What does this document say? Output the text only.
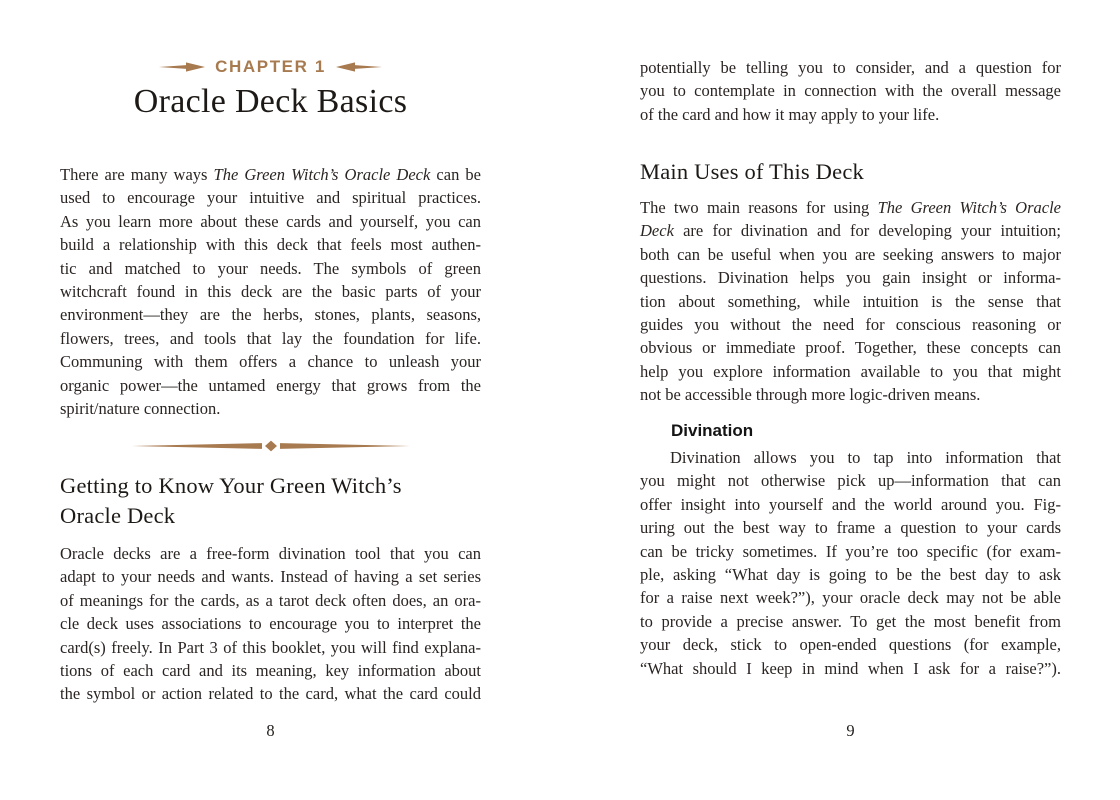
CHAPTER 1
Oracle Deck Basics
There are many ways The Green Witch’s Oracle Deck can be
used to encourage your intuitive and spiritual practices.
As you learn more about these cards and yourself, you can
build a relationship with this deck that feels most authen-
tic and matched to your needs. The symbols of green
witchcraft found in this deck are the basic parts of your
environment—they are the herbs, stones, plants, seasons,
flowers, trees, and tools that lay the foundation for life.
Communing with them offers a chance to unleash your
organic power—the untamed energy that grows from the
spirit/nature connection.
Getting to Know Your Green Witch’s
Oracle Deck
Oracle decks are a free-form divination tool that you can
adapt to your needs and wants. Instead of having a set series
of meanings for the cards, as a tarot deck often does, an ora-
cle deck uses associations to encourage you to interpret the
card(s) freely. In Part 3 of this booklet, you will find explana-
tions of each card and its meaning, key information about
the symbol or action related to the card, what the card could
8
potentially be telling you to consider, and a question for
you to contemplate in connection with the overall message
of the card and how it may apply to your life.
Main Uses of This Deck
The two main reasons for using The Green Witch’s Oracle
Deck are for divination and for developing your intuition;
both can be useful when you are seeking answers to major
questions. Divination helps you gain insight or informa-
tion about something, while intuition is the sense that
guides you without the need for conscious reasoning or
obvious or immediate proof. Together, these concepts can
help you explore information available to you that might
not be accessible through more logic-driven means.
Divination
Divination allows you to tap into information that
you might not otherwise pick up—information that can
offer insight into yourself and the world around you. Fig-
uring out the best way to frame a question to your cards
can be tricky sometimes. If you’re too specific (for exam-
ple, asking “What day is going to be the best day to ask
for a raise next week?”), your oracle deck may not be able
to provide a precise answer. To get the most benefit from
your deck, stick to open-ended questions (for example,
“What should I keep in mind when I ask for a raise?”).
9
